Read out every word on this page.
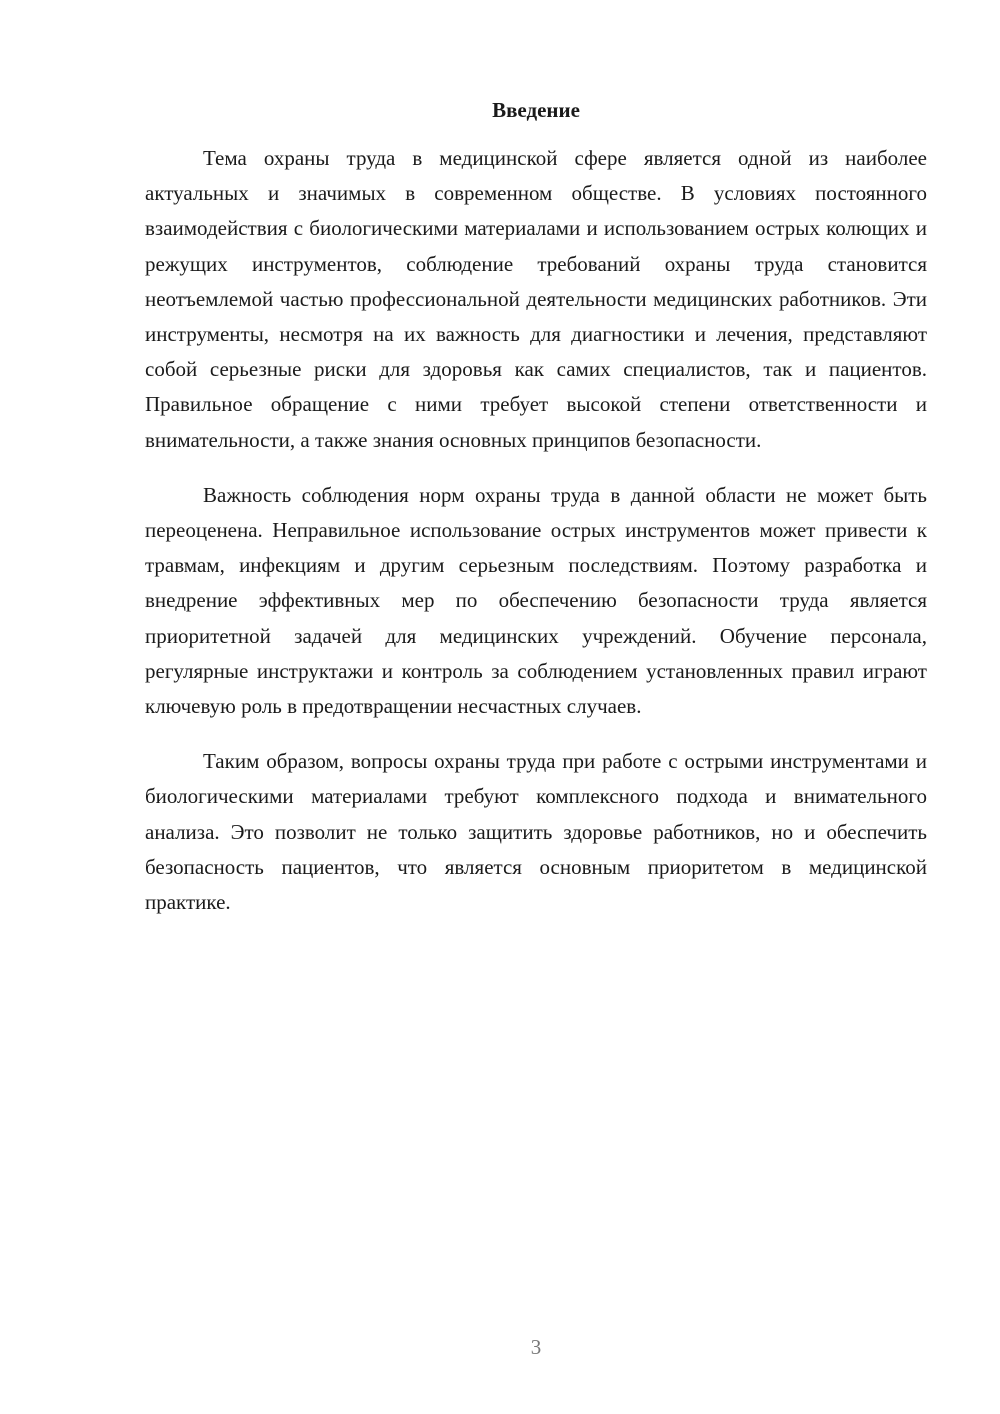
Введение

Тема охраны труда в медицинской сфере является одной из наиболее актуальных и значимых в современном обществе. В условиях постоянного взаимодействия с биологическими материалами и использованием острых колющих и режущих инструментов, соблюдение требований охраны труда становится неотъемлемой частью профессиональной деятельности медицинских работников. Эти инструменты, несмотря на их важность для диагностики и лечения, представляют собой серьезные риски для здоровья как самих специалистов, так и пациентов. Правильное обращение с ними требует высокой степени ответственности и внимательности, а также знания основных принципов безопасности.

Важность соблюдения норм охраны труда в данной области не может быть переоценена. Неправильное использование острых инструментов может привести к травмам, инфекциям и другим серьезным последствиям. Поэтому разработка и внедрение эффективных мер по обеспечению безопасности труда является приоритетной задачей для медицинских учреждений. Обучение персонала, регулярные инструктажи и контроль за соблюдением установленных правил играют ключевую роль в предотвращении несчастных случаев.

Таким образом, вопросы охраны труда при работе с острыми инструментами и биологическими материалами требуют комплексного подхода и внимательного анализа. Это позволит не только защитить здоровье работников, но и обеспечить безопасность пациентов, что является основным приоритетом в медицинской практике.

3
